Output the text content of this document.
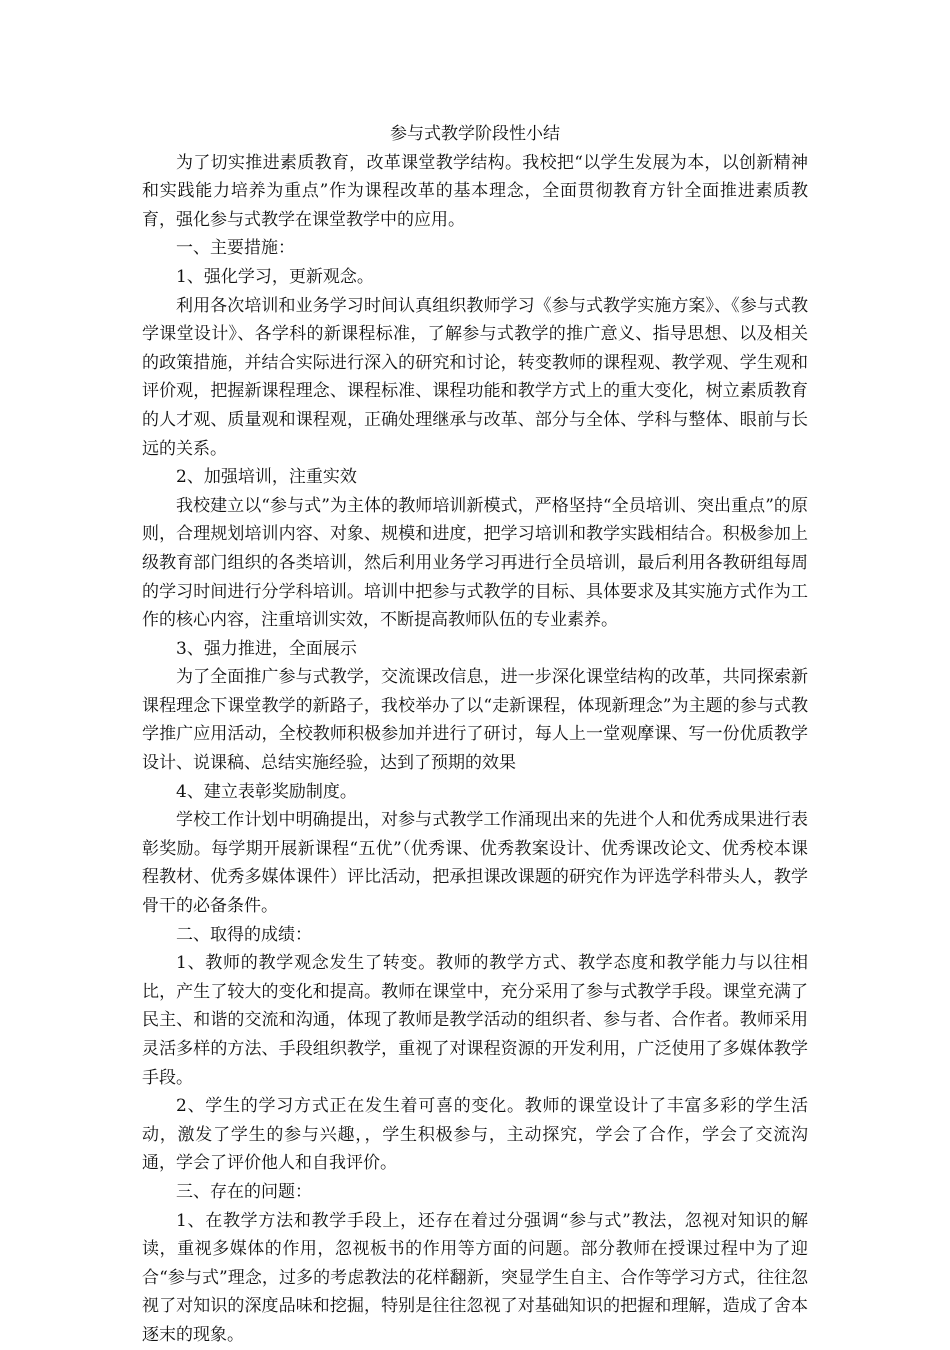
参与式教学阶段性小结

为了切实推进素质教育，改革课堂教学结构。我校把“以学生发展为本，以创新精神和实践能力培养为重点”作为课程改革的基本理念，全面贯彻教育方针全面推进素质教育，强化参与式教学在课堂教学中的应用。

一、主要措施：

1、强化学习，更新观念。

利用各次培训和业务学习时间认真组织教师学习《参与式教学实施方案》、《参与式教学课堂设计》、各学科的新课程标准，了解参与式教学的推广意义、指导思想、以及相关的政策措施，并结合实际进行深入的研究和讨论，转变教师的课程观、教学观、学生观和评价观，把握新课程理念、课程标准、课程功能和教学方式上的重大变化，树立素质教育的人才观、质量观和课程观，正确处理继承与改革、部分与全体、学科与整体、眼前与长远的关系。

2、加强培训，注重实效

我校建立以“参与式”为主体的教师培训新模式，严格坚持“全员培训、突出重点”的原则，合理规划培训内容、对象、规模和进度，把学习培训和教学实践相结合。积极参加上级教育部门组织的各类培训，然后利用业务学习再进行全员培训，最后利用各教研组每周的学习时间进行分学科培训。培训中把参与式教学的目标、具体要求及其实施方式作为工作的核心内容，注重培训实效，不断提高教师队伍的专业素养。

3、强力推进，全面展示

为了全面推广参与式教学，交流课改信息，进一步深化课堂结构的改革，共同探索新课程理念下课堂教学的新路子，我校举办了以“走新课程，体现新理念”为主题的参与式教学推广应用活动，全校教师积极参加并进行了研讨，每人上一堂观摩课、写一份优质教学设计、说课稿、总结实施经验，达到了预期的效果

4、建立表彰奖励制度。

学校工作计划中明确提出，对参与式教学工作涌现出来的先进个人和优秀成果进行表彰奖励。每学期开展新课程“五优”（优秀课、优秀教案设计、优秀课改论文、优秀校本课程教材、优秀多媒体课件）评比活动，把承担课改课题的研究作为评选学科带头人，教学骨干的必备条件。

二、取得的成绩：

1、教师的教学观念发生了转变。教师的教学方式、教学态度和教学能力与以往相比，产生了较大的变化和提高。教师在课堂中，充分采用了参与式教学手段。课堂充满了民主、和谐的交流和沟通，体现了教师是教学活动的组织者、参与者、合作者。教师采用灵活多样的方法、手段组织教学，重视了对课程资源的开发利用，广泛使用了多媒体教学手段。

2、学生的学习方式正在发生着可喜的变化。教师的课堂设计了丰富多彩的学生活动，激发了学生的参与兴趣，，学生积极参与，主动探究，学会了合作，学会了交流沟通，学会了评价他人和自我评价。

三、存在的问题：

1、在教学方法和教学手段上，还存在着过分强调“参与式”教法，忽视对知识的解读，重视多媒体的作用，忽视板书的作用等方面的问题。部分教师在授课过程中为了迎合“参与式”理念，过多的考虑教法的花样翻新，突显学生自主、合作等学习方式，往往忽视了对知识的深度品味和挖掘，特别是往往忽视了对基础知识的把握和理解，造成了舍本逐末的现象。
